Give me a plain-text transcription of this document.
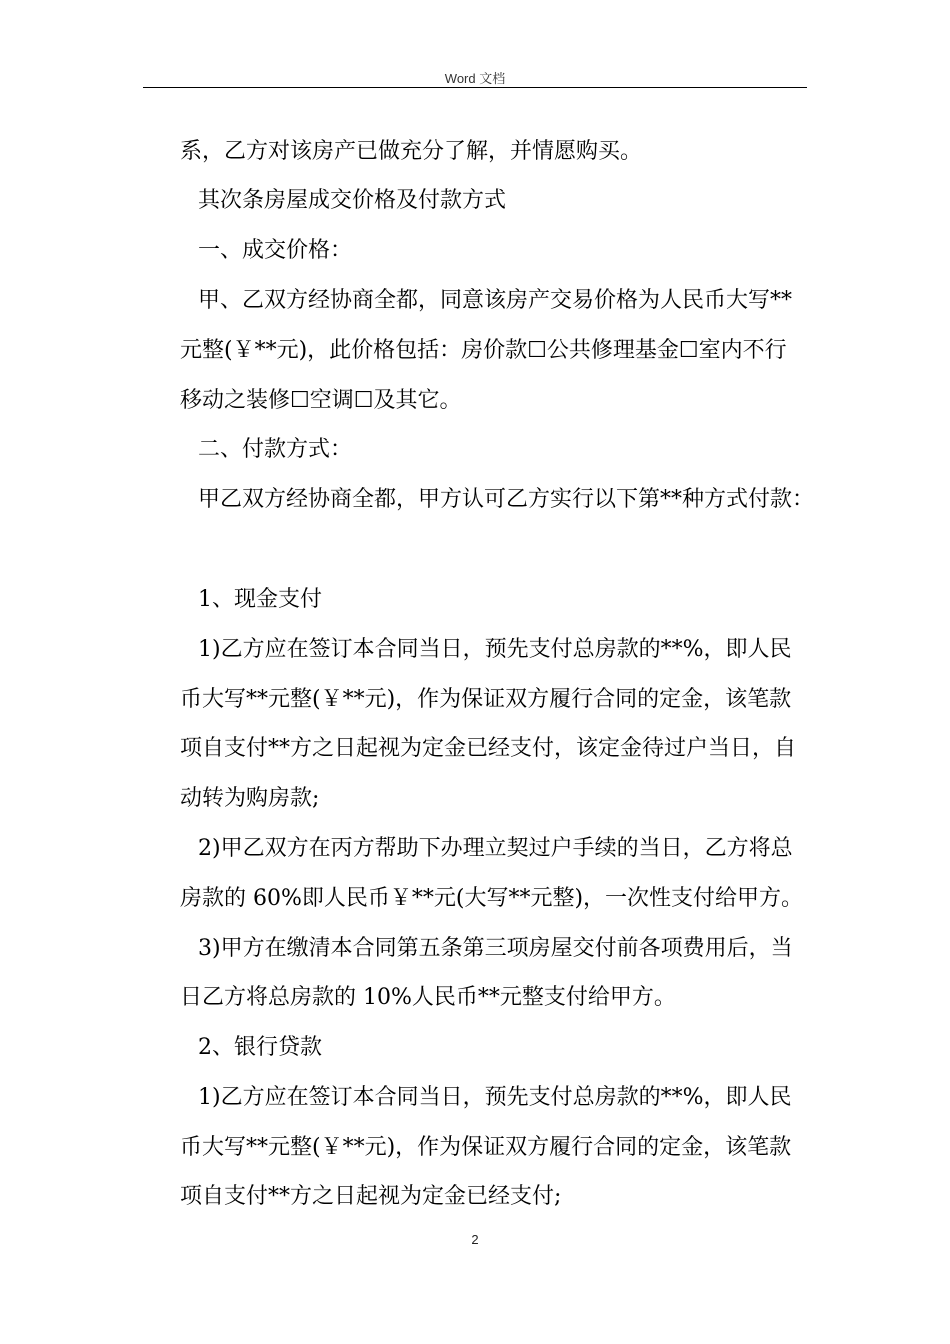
Word 文档
系，乙方对该房产已做充分了解，并情愿购买。
其次条房屋成交价格及付款方式
一、成交价格：
甲、乙双方经协商全都，同意该房产交易价格为人民币大写**
元整(￥**元)，此价格包括：房价款☐公共修理基金☐室内不行
移动之装修☐空调☐及其它。
二、付款方式：
甲乙双方经协商全都，甲方认可乙方实行以下第**种方式付款：
1、现金支付
1)乙方应在签订本合同当日，预先支付总房款的**%，即人民
币大写**元整(￥**元)，作为保证双方履行合同的定金，该笔款
项自支付**方之日起视为定金已经支付，该定金待过户当日，自
动转为购房款;
2)甲乙双方在丙方帮助下办理立契过户手续的当日，乙方将总
房款的 60%即人民币￥**元(大写**元整)，一次性支付给甲方。
3)甲方在缴清本合同第五条第三项房屋交付前各项费用后，当
日乙方将总房款的 10%人民币**元整支付给甲方。
2、银行贷款
1)乙方应在签订本合同当日，预先支付总房款的**%，即人民
币大写**元整(￥**元)，作为保证双方履行合同的定金，该笔款
项自支付**方之日起视为定金已经支付;
2
